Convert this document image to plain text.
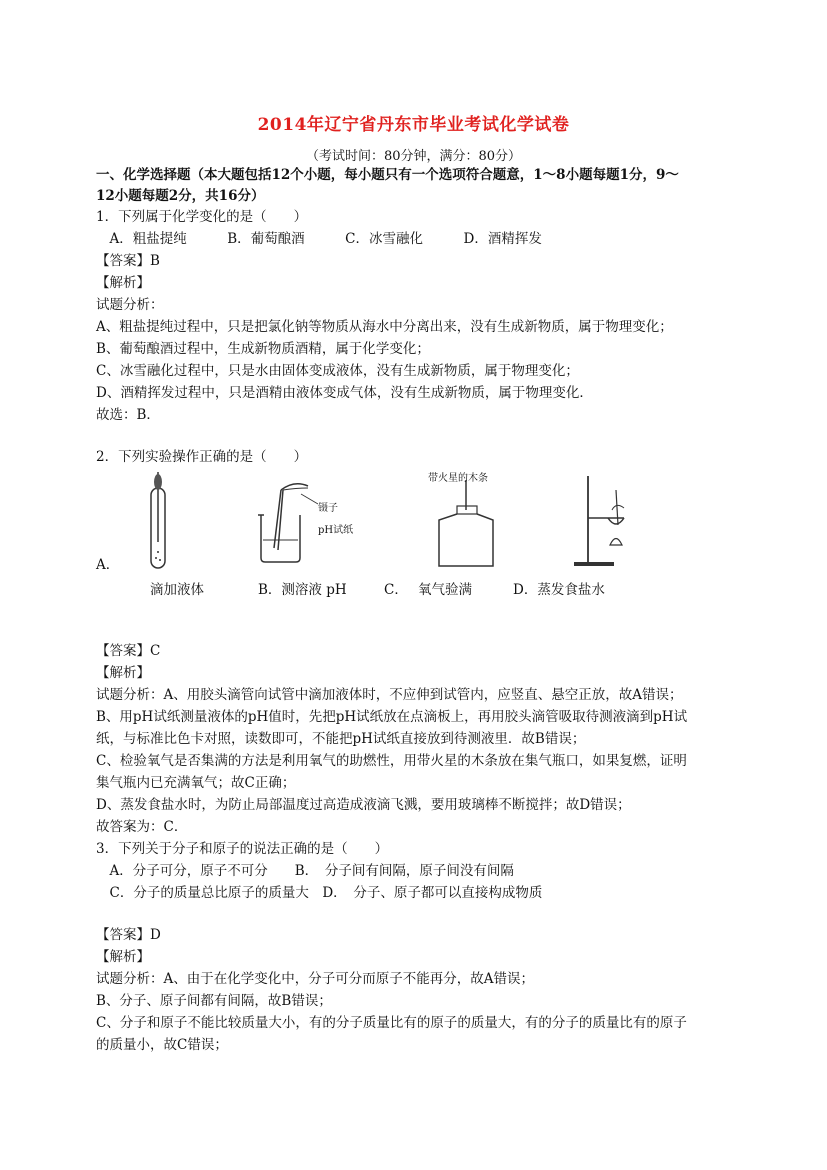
2014年辽宁省丹东市毕业考试化学试卷
（考试时间：80分钟，满分：80分）
一、化学选择题（本大题包括12个小题，每小题只有一个选项符合题意，1～8小题每题1分，9～
12小题每题2分，共16分）
1．下列属于化学变化的是（　　）
　A．粗盐提纯　　　B．葡萄酿酒　　　C．冰雪融化　　　D．酒精挥发
【答案】B
【解析】
试题分析：
A、粗盐提纯过程中，只是把氯化钠等物质从海水中分离出来，没有生成新物质，属于物理变化；
B、葡萄酿酒过程中，生成新物质酒精，属于化学变化；
C、冰雪融化过程中，只是水由固体变成液体，没有生成新物质，属于物理变化；
D、酒精挥发过程中，只是酒精由液体变成气体，没有生成新物质，属于物理变化．
故选：B．
2．下列实验操作正确的是（　　）
A．
镊子
pH试纸
带火星的木条
滴加液体	B．测溶液 pH	C． 氧气验满	D．蒸发食盐水
【答案】C
【解析】
试题分析：A、用胶头滴管向试管中滴加液体时，不应伸到试管内，应竖直、悬空正放，故A错误；
B、用pH试纸测量液体的pH值时，先把pH试纸放在点滴板上，再用胶头滴管吸取待测液滴到pH试
纸，与标准比色卡对照，读数即可，不能把pH试纸直接放到待测液里．故B错误；
C、检验氧气是否集满的方法是利用氧气的助燃性，用带火星的木条放在集气瓶口，如果复燃，证明
集气瓶内已充满氧气；故C正确；
D、蒸发食盐水时，为防止局部温度过高造成液滴飞溅，要用玻璃棒不断搅拌；故D错误；
故答案为：C．
3．下列关于分子和原子的说法正确的是（　　）
　A．分子可分，原子不可分　　B．　分子间有间隔，原子间没有间隔
　C．分子的质量总比原子的质量大　D．　分子、原子都可以直接构成物质
【答案】D
【解析】
试题分析：A、由于在化学变化中，分子可分而原子不能再分，故A错误；
B、分子、原子间都有间隔，故B错误；
C、分子和原子不能比较质量大小，有的分子质量比有的原子的质量大，有的分子的质量比有的原子
的质量小，故C错误；
